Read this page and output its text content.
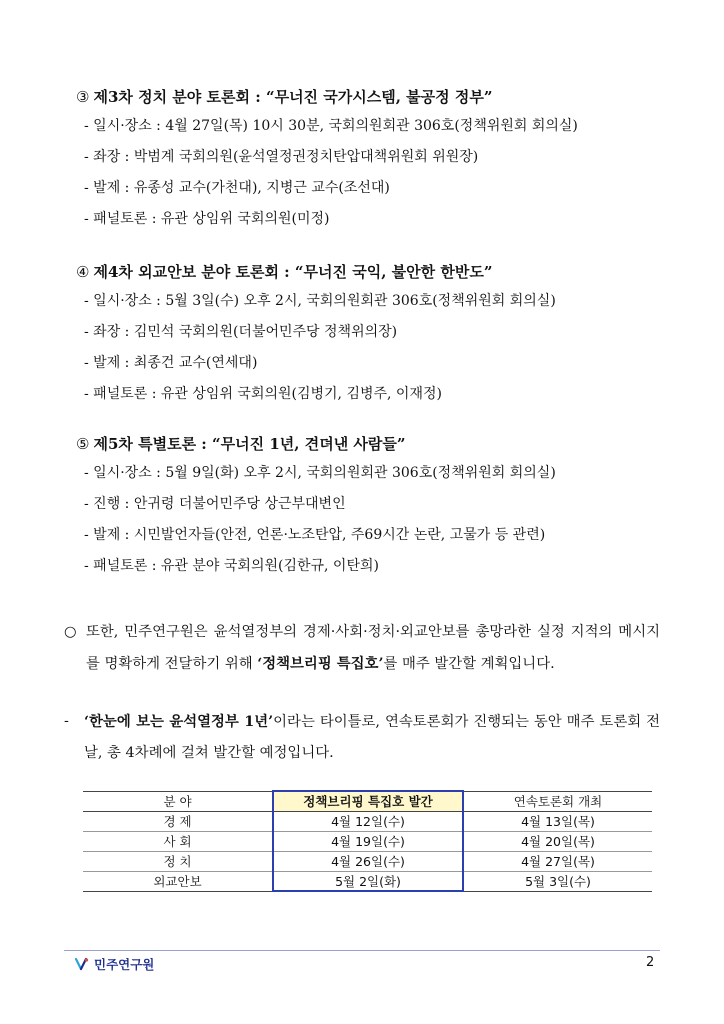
③ 제3차 정치 분야 토론회 : “무너진 국가시스템, 불공정 정부”
- 일시·장소 : 4월 27일(목) 10시 30분, 국회의원회관 306호(정책위원회 회의실)
- 좌장 : 박범계 국회의원(윤석열정권정치탄압대책위원회 위원장)
- 발제 : 유종성 교수(가천대), 지병근 교수(조선대)
- 패널토론 : 유관 상임위 국회의원(미정)
④ 제4차 외교안보 분야 토론회 : “무너진 국익, 불안한 한반도”
- 일시·장소 : 5월 3일(수) 오후 2시, 국회의원회관 306호(정책위원회 회의실)
- 좌장 : 김민석 국회의원(더불어민주당 정책위의장)
- 발제 : 최종건 교수(연세대)
- 패널토론 : 유관 상임위 국회의원(김병기, 김병주, 이재정)
⑤ 제5차 특별토론 : “무너진 1년, 견뎌낸 사람들”
- 일시·장소 : 5월 9일(화) 오후 2시, 국회의원회관 306호(정책위원회 회의실)
- 진행 : 안귀령 더불어민주당 상근부대변인
- 발제 : 시민발언자들(안전, 언론·노조탄압, 주69시간 논란, 고물가 등 관련)
- 패널토론 : 유관 분야 국회의원(김한규, 이탄희)
○ 또한, 민주연구원은 윤석열정부의 경제·사회·정치·외교안보를 총망라한 실정 지적의 메시지를 명확하게 전달하기 위해 ‘정책브리핑 특집호’를 매주 발간할 계획입니다.
-	‘한눈에 보는 윤석열정부 1년’이라는 타이틀로, 연속토론회가 진행되는 동안 매주 토론회 전날, 총 4차례에 걸쳐 발간할 예정입니다.
분 야	정책브리핑 특집호 발간	연속토론회 개최
경 제	4월 12일(수)	4월 13일(목)
사 회	4월 19일(수)	4월 20일(목)
정 치	4월 26일(수)	4월 27일(목)
외교안보	5월 2일(화)	5월 3일(수)
민주연구원	2
